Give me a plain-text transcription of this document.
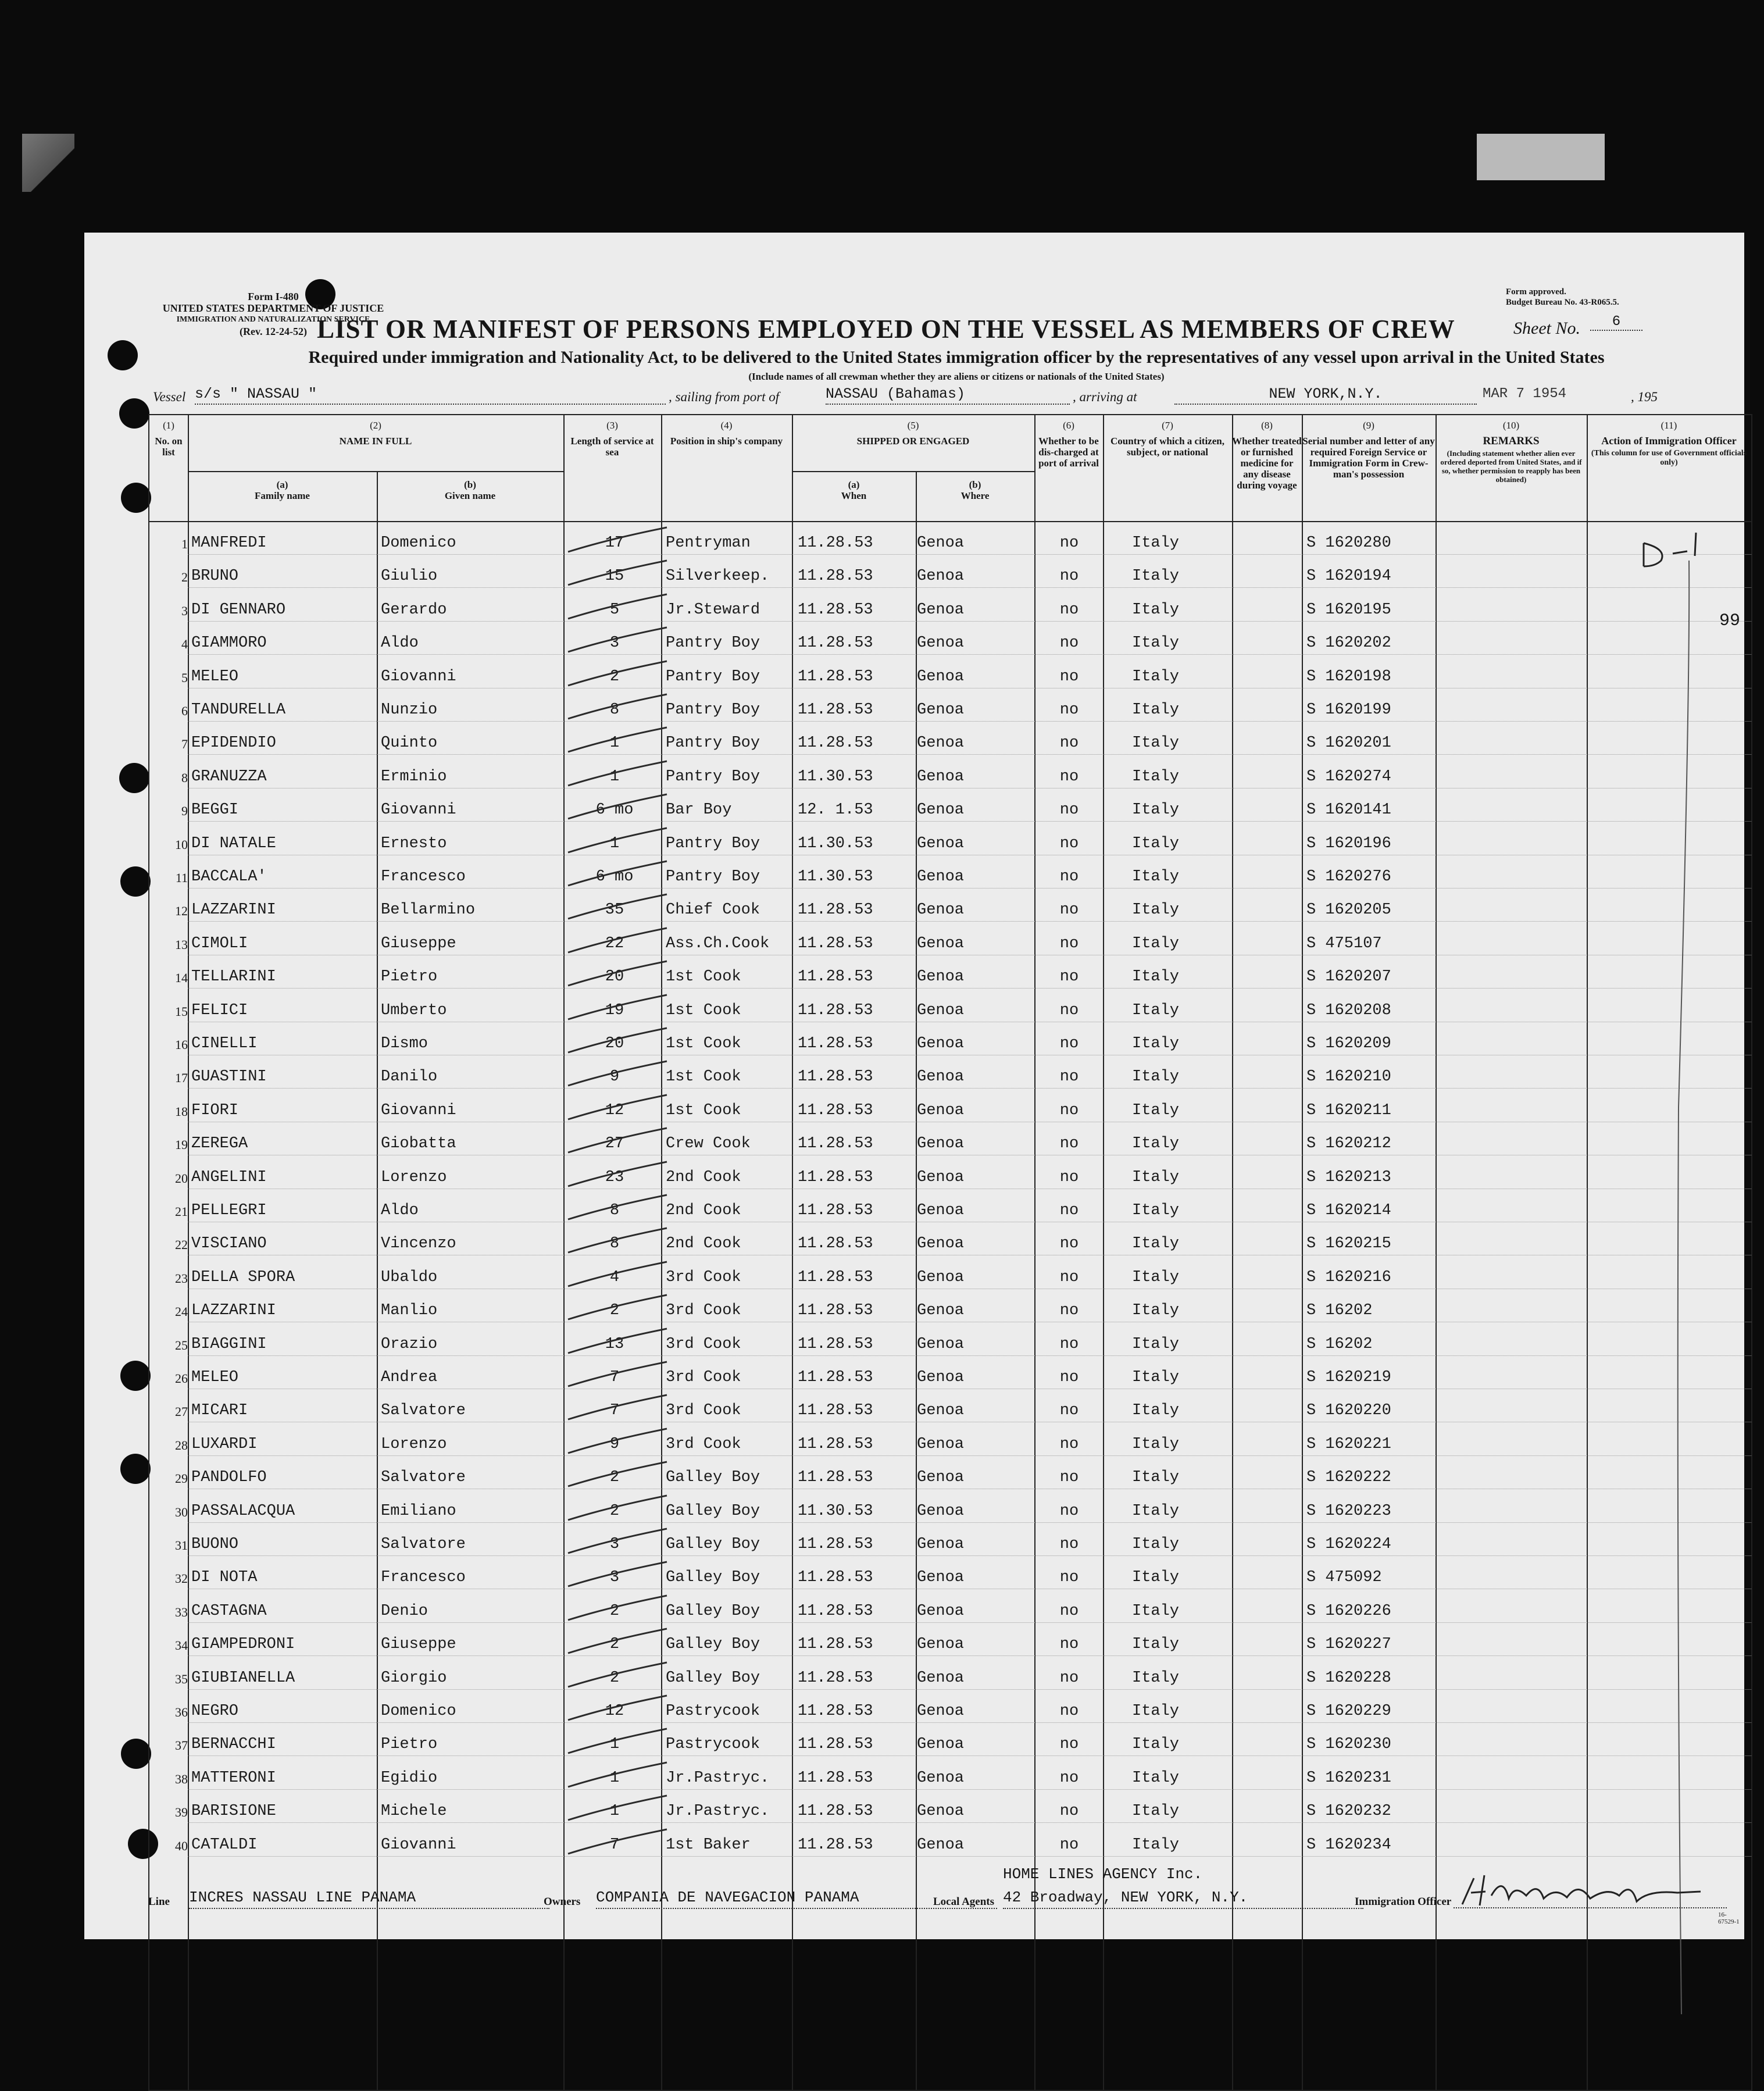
Form I-480
UNITED STATES DEPARTMENT OF JUSTICE
IMMIGRATION AND NATURALIZATION SERVICE
(Rev. 12-24-52)
Form approved.
Budget Bureau No. 43-R065.5.
LIST OR MANIFEST OF PERSONS EMPLOYED ON THE VESSEL AS MEMBERS OF CREW	Sheet No.	6
Required under immigration and Nationality Act, to be delivered to the United States immigration officer by the representatives of any vessel upon arrival in the United States
(Include names of all crewman whether they are aliens or citizens or nationals of the United States)
Vessel s/s " NASSAU "	, sailing from port of	NASSAU (Bahamas)	, arriving at	NEW YORK,N.Y.	MAR 7 1954	, 195
(1)
No. on list
(2)
NAME IN FULL
(a)
Family name
(b)
Given name
(3)
Length of service at sea
(4)
Position in ship's company
(5)
SHIPPED OR ENGAGED
(a)
When
(b)
Where
(6)
Whether to be dis-charged at port of arrival
(7)
Country of which a citizen, subject, or national
(8)
Whether treated or furnished medicine for any disease during voyage
(9)
Serial number and letter of any required Foreign Service or Immigration Form in Crew-man's possession
(10)
REMARKS
(Including statement whether alien ever ordered deported from United States, and if so, whether permission to reapply has been obtained)
(11)
Action of Immigration Officer
(This column for use of Government officials only)
1 MANFREDI	Domenico	17	Pentryman	11.28.53	Genoa	no	Italy	S 1620280
2 BRUNO	Giulio	15	Silverkeep. 11.28.53	Genoa	no	Italy	S 1620194
3 DI GENNARO	Gerardo	5	Jr.Steward 11.28.53	Genoa	no	Italy	S 1620195
4 GIAMMORO	Aldo	3	Pantry Boy 11.28.53	Genoa	no	Italy	S 1620202
5 MELEO	Giovanni	2	Pantry Boy 11.28.53	Genoa	no	Italy	S 1620198
6 TANDURELLA	Nunzio	8	Pantry Boy 11.28.53	Genoa	no	Italy	S 1620199
7 EPIDENDIO	Quinto	1	Pantry Boy 11.28.53	Genoa	no	Italy	S 1620201
8 GRANUZZA	Erminio	1	Pantry Boy 11.30.53	Genoa	no	Italy	S 1620274
9 BEGGI	Giovanni	6 mo	Bar Boy	12. 1.53	Genoa	no	Italy	S 1620141
10 DI NATALE	Ernesto	1	Pantry Boy 11.30.53	Genoa	no	Italy	S 1620196
11 BACCALA'	Francesco	6 mo	Pantry Boy 11.30.53	Genoa	no	Italy	S 1620276
12 LAZZARINI	Bellarmino	35	Chief Cook 11.28.53	Genoa	no	Italy	S 1620205
13 CIMOLI	Giuseppe	22	Ass.Ch.Cook 11.28.53	Genoa	no	Italy	S 475107
14 TELLARINI	Pietro	20	1st Cook	11.28.53	Genoa	no	Italy	S 1620207
15 FELICI	Umberto	19	1st Cook	11.28.53	Genoa	no	Italy	S 1620208
16 CINELLI	Dismo	20	1st Cook	11.28.53	Genoa	no	Italy	S 1620209
17 GUASTINI	Danilo	9	1st Cook	11.28.53	Genoa	no	Italy	S 1620210
18 FIORI	Giovanni	12	1st Cook	11.28.53	Genoa	no	Italy	S 1620211
19 ZEREGA	Giobatta	27	Crew Cook	11.28.53	Genoa	no	Italy	S 1620212
20 ANGELINI	Lorenzo	23	2nd Cook	11.28.53	Genoa	no	Italy	S 1620213
21 PELLEGRI	Aldo	8	2nd Cook	11.28.53	Genoa	no	Italy	S 1620214
22 VISCIANO	Vincenzo	8	2nd Cook	11.28.53	Genoa	no	Italy	S 1620215
23 DELLA SPORA	Ubaldo	4	3rd Cook	11.28.53	Genoa	no	Italy	S 1620216
24 LAZZARINI	Manlio	2	3rd Cook	11.28.53	Genoa	no	Italy	S 16202
25 BIAGGINI	Orazio	13	3rd Cook	11.28.53	Genoa	no	Italy	S 16202
26 MELEO	Andrea	7	3rd Cook	11.28.53	Genoa	no	Italy	S 1620219
27 MICARI	Salvatore	7	3rd Cook	11.28.53	Genoa	no	Italy	S 1620220
28 LUXARDI	Lorenzo	9	3rd Cook	11.28.53	Genoa	no	Italy	S 1620221
29 PANDOLFO	Salvatore	2	Galley Boy 11.28.53	Genoa	no	Italy	S 1620222
30 PASSALACQUA	Emiliano	2	Galley Boy 11.30.53	Genoa	no	Italy	S 1620223
31 BUONO	Salvatore	3	Galley Boy 11.28.53	Genoa	no	Italy	S 1620224
32 DI NOTA	Francesco	3	Galley Boy 11.28.53	Genoa	no	Italy	S 475092
33 CASTAGNA	Denio	2	Galley Boy 11.28.53	Genoa	no	Italy	S 1620226
34 GIAMPEDRONI	Giuseppe	2	Galley Boy 11.28.53	Genoa	no	Italy	S 1620227
35 GIUBIANELLA	Giorgio	2	Galley Boy 11.28.53	Genoa	no	Italy	S 1620228
36 NEGRO	Domenico	12	Pastrycook 11.28.53	Genoa	no	Italy	S 1620229
37 BERNACCHI	Pietro	1	Pastrycook 11.28.53	Genoa	no	Italy	S 1620230
38 MATTERONI	Egidio	1	Jr.Pastryc. 11.28.53	Genoa	no	Italy	S 1620231
39 BARISIONE	Michele	1	Jr.Pastryc. 11.28.53	Genoa	no	Italy	S 1620232
40 CATALDI	Giovanni	7	1st Baker	11.28.53	Genoa	no	Italy	S 1620234
99
Line INCRES NASSAU LINE PANAMA	Owners COMPANIA DE NAVEGACION PANAMA	Local Agents
HOME LINES AGENCY Inc.
42 Broadway, NEW YORK, N.Y.	Immigration Officer
16-67529-1
